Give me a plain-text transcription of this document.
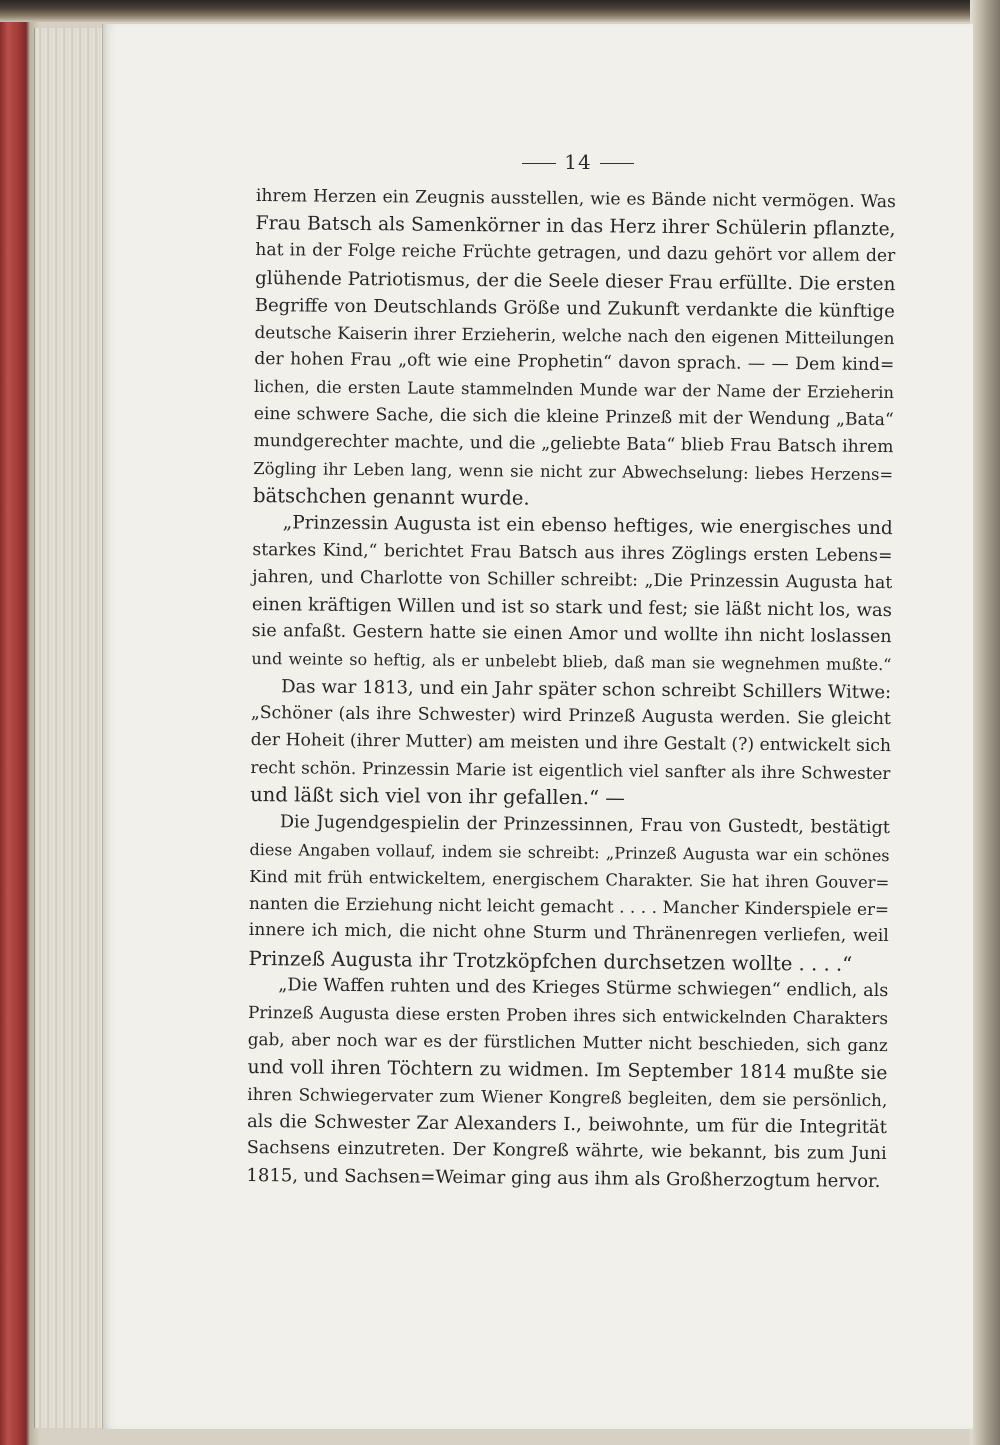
14
ihrem Herzen ein Zeugnis ausstellen, wie es Bände nicht vermögen. Was
Frau Batsch als Samenkörner in das Herz ihrer Schülerin pflanzte,
hat in der Folge reiche Früchte getragen, und dazu gehört vor allem der
glühende Patriotismus, der die Seele dieser Frau erfüllte. Die ersten
Begriffe von Deutschlands Größe und Zukunft verdankte die künftige
deutsche Kaiserin ihrer Erzieherin, welche nach den eigenen Mitteilungen
der hohen Frau „oft wie eine Prophetin“ davon sprach. — — Dem kind=
lichen, die ersten Laute stammelnden Munde war der Name der Erzieherin
eine schwere Sache, die sich die kleine Prinzeß mit der Wendung „Bata“
mundgerechter machte, und die „geliebte Bata“ blieb Frau Batsch ihrem
Zögling ihr Leben lang, wenn sie nicht zur Abwechselung: liebes Herzens=
bätschchen genannt wurde.
„Prinzessin Augusta ist ein ebenso heftiges, wie energisches und
starkes Kind,“ berichtet Frau Batsch aus ihres Zöglings ersten Lebens=
jahren, und Charlotte von Schiller schreibt: „Die Prinzessin Augusta hat
einen kräftigen Willen und ist so stark und fest; sie läßt nicht los, was
sie anfaßt. Gestern hatte sie einen Amor und wollte ihn nicht loslassen
und weinte so heftig, als er unbelebt blieb, daß man sie wegnehmen mußte.“
Das war 1813, und ein Jahr später schon schreibt Schillers Witwe:
„Schöner (als ihre Schwester) wird Prinzeß Augusta werden. Sie gleicht
der Hoheit (ihrer Mutter) am meisten und ihre Gestalt (?) entwickelt sich
recht schön. Prinzessin Marie ist eigentlich viel sanfter als ihre Schwester
und läßt sich viel von ihr gefallen.“ —
Die Jugendgespielin der Prinzessinnen, Frau von Gustedt, bestätigt
diese Angaben vollauf, indem sie schreibt: „Prinzeß Augusta war ein schönes
Kind mit früh entwickeltem, energischem Charakter. Sie hat ihren Gouver=
nanten die Erziehung nicht leicht gemacht . . . . Mancher Kinderspiele er=
innere ich mich, die nicht ohne Sturm und Thränenregen verliefen, weil
Prinzeß Augusta ihr Trotzköpfchen durchsetzen wollte . . . .“
„Die Waffen ruhten und des Krieges Stürme schwiegen“ endlich, als
Prinzeß Augusta diese ersten Proben ihres sich entwickelnden Charakters
gab, aber noch war es der fürstlichen Mutter nicht beschieden, sich ganz
und voll ihren Töchtern zu widmen. Im September 1814 mußte sie
ihren Schwiegervater zum Wiener Kongreß begleiten, dem sie persönlich,
als die Schwester Zar Alexanders I., beiwohnte, um für die Integrität
Sachsens einzutreten. Der Kongreß währte, wie bekannt, bis zum Juni
1815, und Sachsen=Weimar ging aus ihm als Großherzogtum hervor.
